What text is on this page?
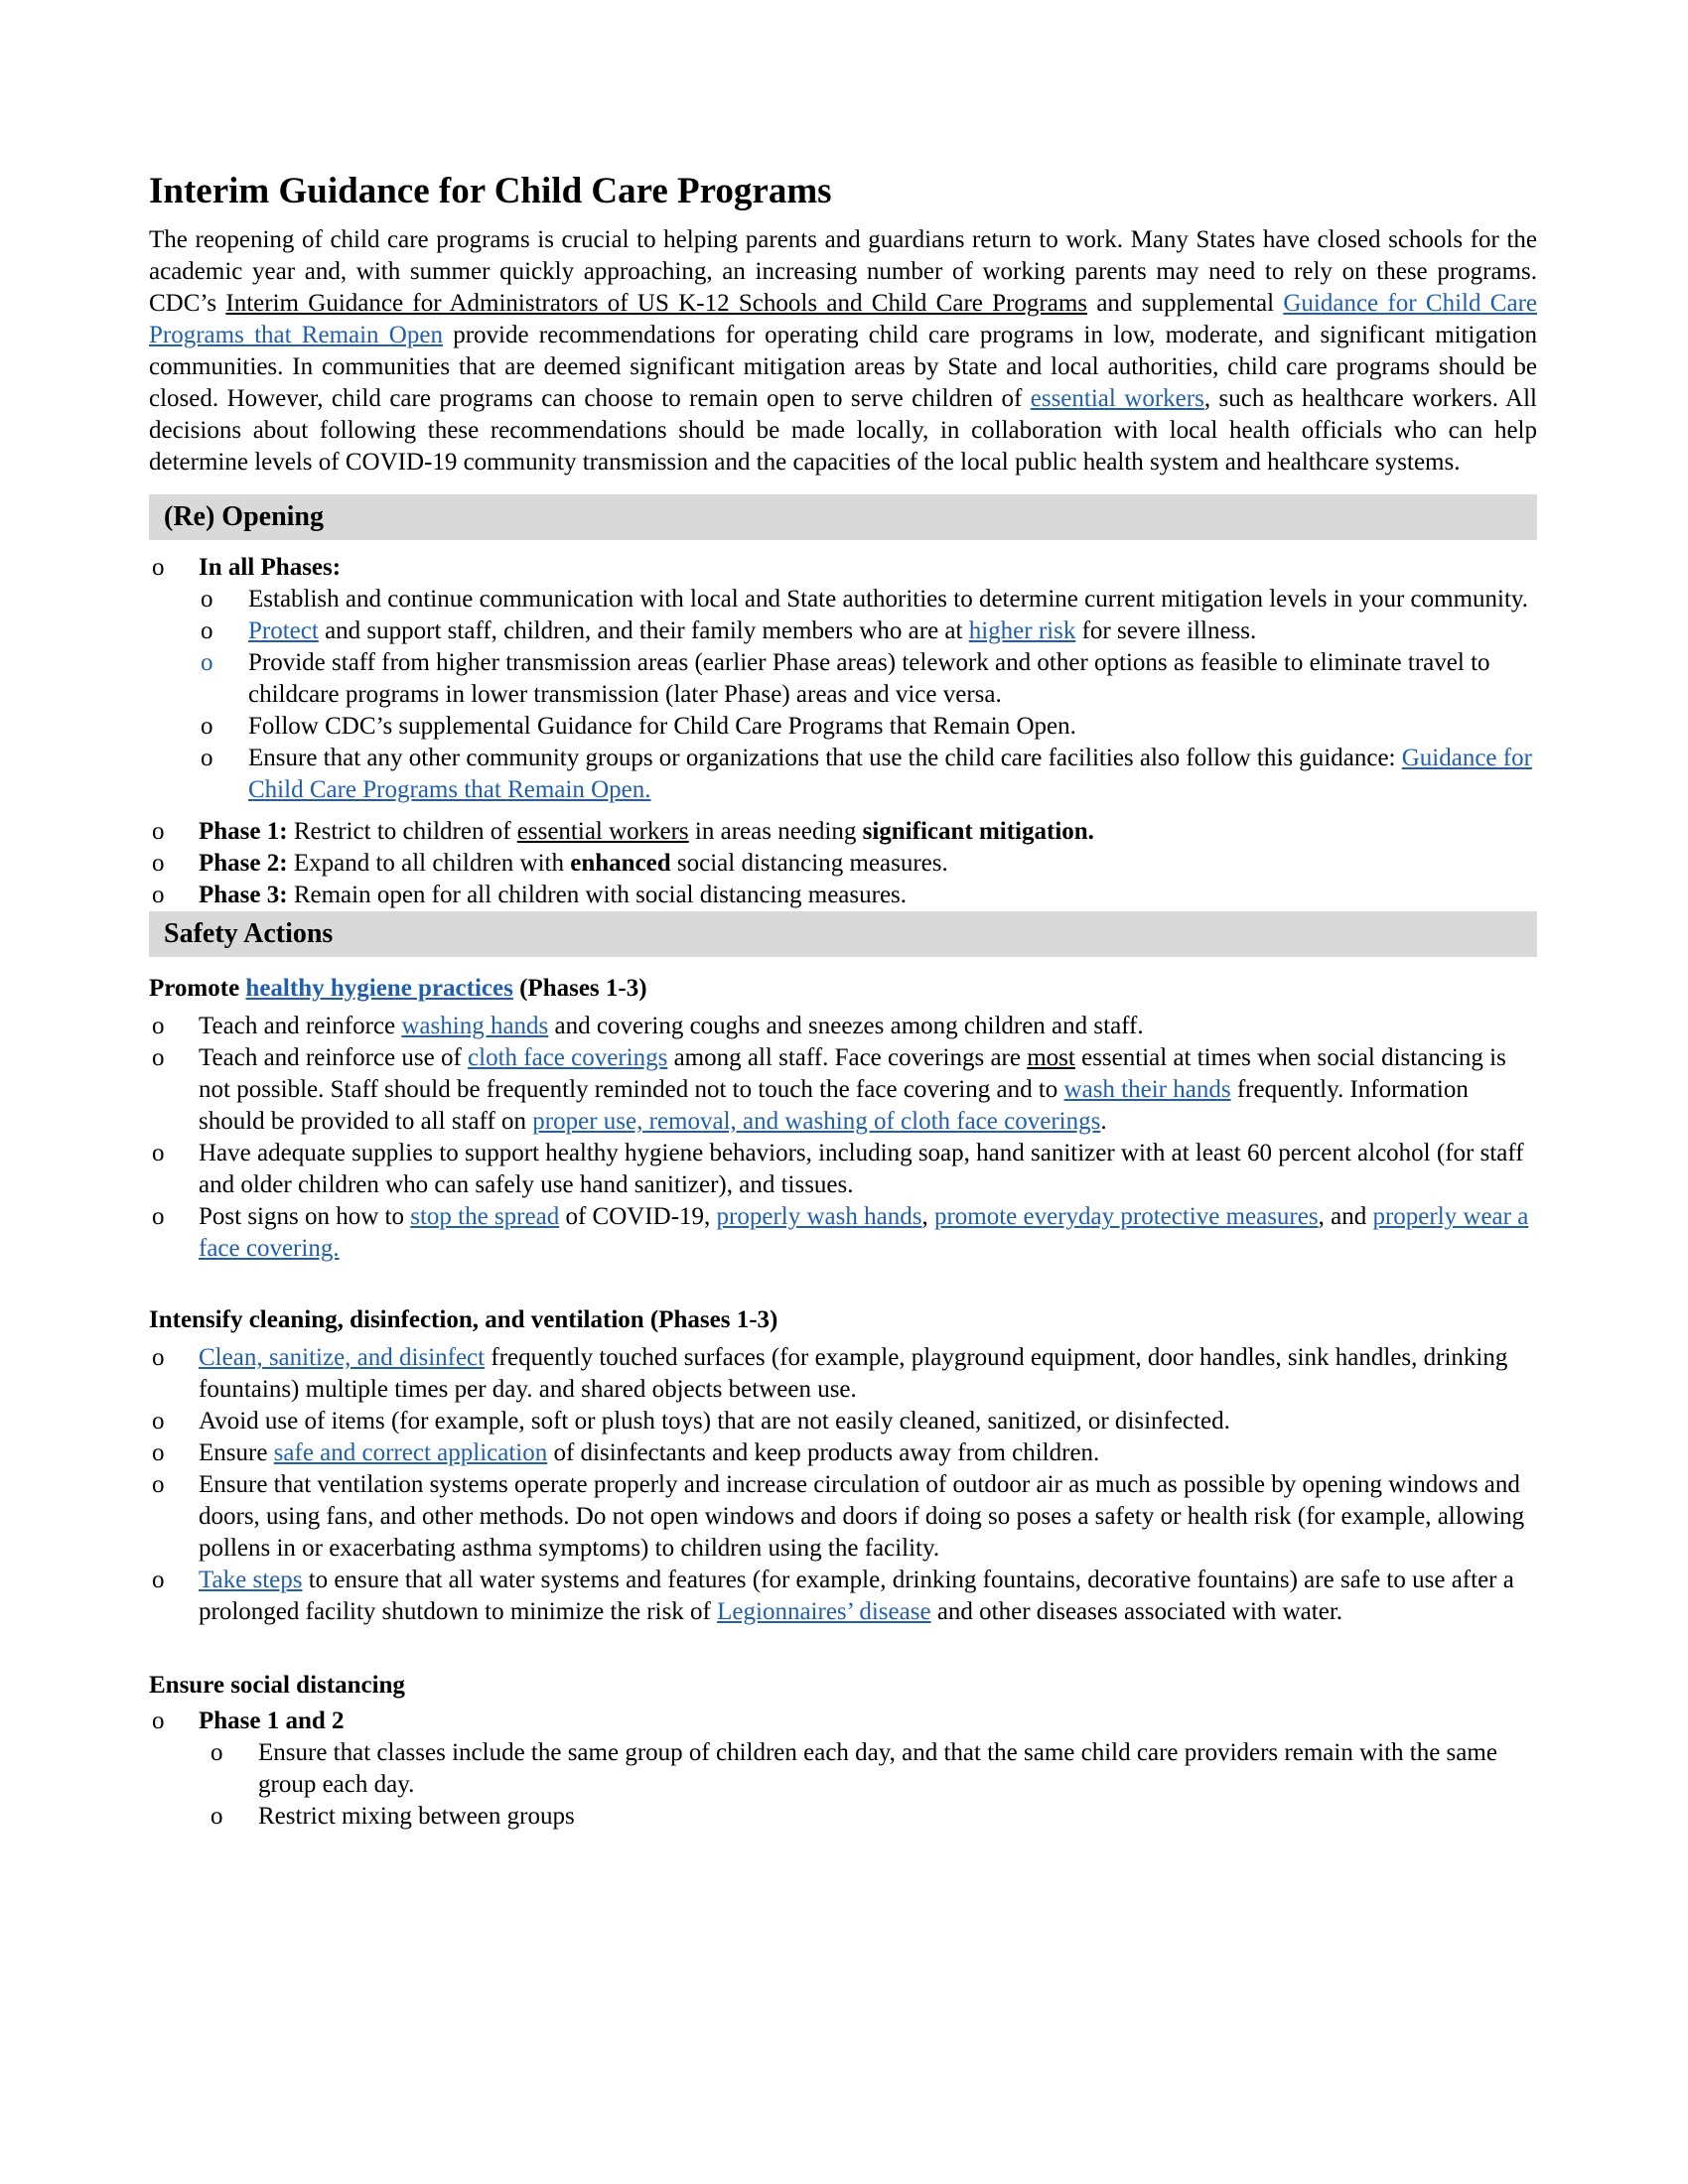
Interim Guidance for Child Care Programs

The reopening of child care programs is crucial to helping parents and guardians return to work. Many States have closed schools for the academic year and, with summer quickly approaching, an increasing number of working parents may need to rely on these programs. CDC’s Interim Guidance for Administrators of US K-12 Schools and Child Care Programs and supplemental Guidance for Child Care Programs that Remain Open provide recommendations for operating child care programs in low, moderate, and significant mitigation communities. In communities that are deemed significant mitigation areas by State and local authorities, child care programs should be closed. However, child care programs can choose to remain open to serve children of essential workers, such as healthcare workers. All decisions about following these recommendations should be made locally, in collaboration with local health officials who can help determine levels of COVID-19 community transmission and the capacities of the local public health system and healthcare systems.

(Re) Opening
o In all Phases:
o Establish and continue communication with local and State authorities to determine current mitigation levels in your community.
o Protect and support staff, children, and their family members who are at higher risk for severe illness.
o Provide staff from higher transmission areas (earlier Phase areas) telework and other options as feasible to eliminate travel to childcare programs in lower transmission (later Phase) areas and vice versa.
o Follow CDC’s supplemental Guidance for Child Care Programs that Remain Open.
o Ensure that any other community groups or organizations that use the child care facilities also follow this guidance: Guidance for Child Care Programs that Remain Open.
o Phase 1: Restrict to children of essential workers in areas needing significant mitigation.
o Phase 2: Expand to all children with enhanced social distancing measures.
o Phase 3: Remain open for all children with social distancing measures.
Safety Actions

Promote healthy hygiene practices (Phases 1-3)

o Teach and reinforce washing hands and covering coughs and sneezes among children and staff.
o Teach and reinforce use of cloth face coverings among all staff. Face coverings are most essential at times when social distancing is not possible. Staff should be frequently reminded not to touch the face covering and to wash their hands frequently. Information should be provided to all staff on proper use, removal, and washing of cloth face coverings.
o Have adequate supplies to support healthy hygiene behaviors, including soap, hand sanitizer with at least 60 percent alcohol (for staff and older children who can safely use hand sanitizer), and tissues.
o Post signs on how to stop the spread of COVID-19, properly wash hands, promote everyday protective measures, and properly wear a face covering.

Intensify cleaning, disinfection, and ventilation (Phases 1-3)

o Clean, sanitize, and disinfect frequently touched surfaces (for example, playground equipment, door handles, sink handles, drinking fountains) multiple times per day. and shared objects between use.
o Avoid use of items (for example, soft or plush toys) that are not easily cleaned, sanitized, or disinfected.
o Ensure safe and correct application of disinfectants and keep products away from children.
o Ensure that ventilation systems operate properly and increase circulation of outdoor air as much as possible by opening windows and doors, using fans, and other methods. Do not open windows and doors if doing so poses a safety or health risk (for example, allowing pollens in or exacerbating asthma symptoms) to children using the facility.
o Take steps to ensure that all water systems and features (for example, drinking fountains, decorative fountains) are safe to use after a prolonged facility shutdown to minimize the risk of Legionnaires’ disease and other diseases associated with water.

Ensure social distancing

o Phase 1 and 2
o Ensure that classes include the same group of children each day, and that the same child care providers remain with the same group each day.
o Restrict mixing between groups
